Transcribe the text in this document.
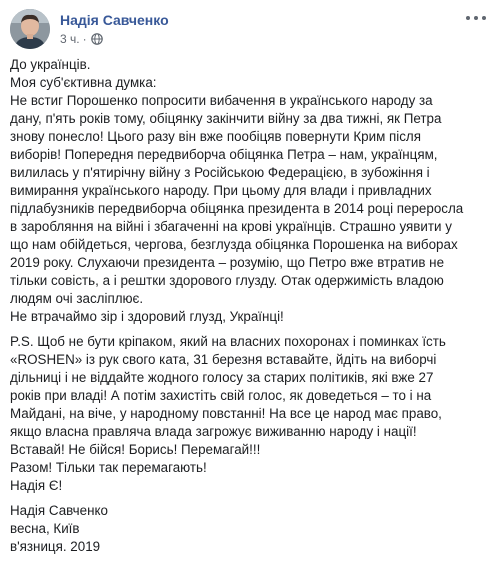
Надія Савченко
3 ч. ·

До українців.

Моя суб'єктивна думка:

Не встиг Порошенко попросити вибачення в українського народу за

дану, п'ять років тому, обіцянку закінчити війну за два тижні, як Петра

знову понесло! Цього разу він вже пообіцяв повернути Крим після

виборів! Попередня передвиборча обіцянка Петра – нам, українцям,

вилилась у п'ятирічну війну з Російською Федерацією, в зубожіння і

вимирання українського народу. При цьому для влади і привладних

підлабузників передвиборча обіцянка президента в 2014 році переросла

в заробляння на війні і збагаченні на крові українців. Страшно уявити у

що нам обійдеться, чергова, безглузда обіцянка Порошенка на виборах

2019 року. Слухаючи президента – розумію, що Петро вже втратив не

тільки совість, а і рештки здорового глузду. Отак одержимість владою

людям очі засліплює.

Не втрачаймо зір і здоровий глузд, Українці!

P.S. Щоб не бути кріпаком, який на власних похоронах і поминках їсть

«ROSHEN» із рук свого ката, 31 березня вставайте, йдіть на виборчі

дільниці і не віддайте жодного голосу за старих політиків, які вже 27

років при владі! А потім захистіть свій голос, як доведеться – то і на

Майдані, на віче, у народному повстанні! На все це народ має право,

якщо власна правляча влада загрожує виживанню народу і нації!

Вставай! Не бійся! Борись! Перемагай!!!

Разом! Тільки так перемагають!

Надія Є!

Надія Савченко

весна, Київ

в'язниця. 2019
